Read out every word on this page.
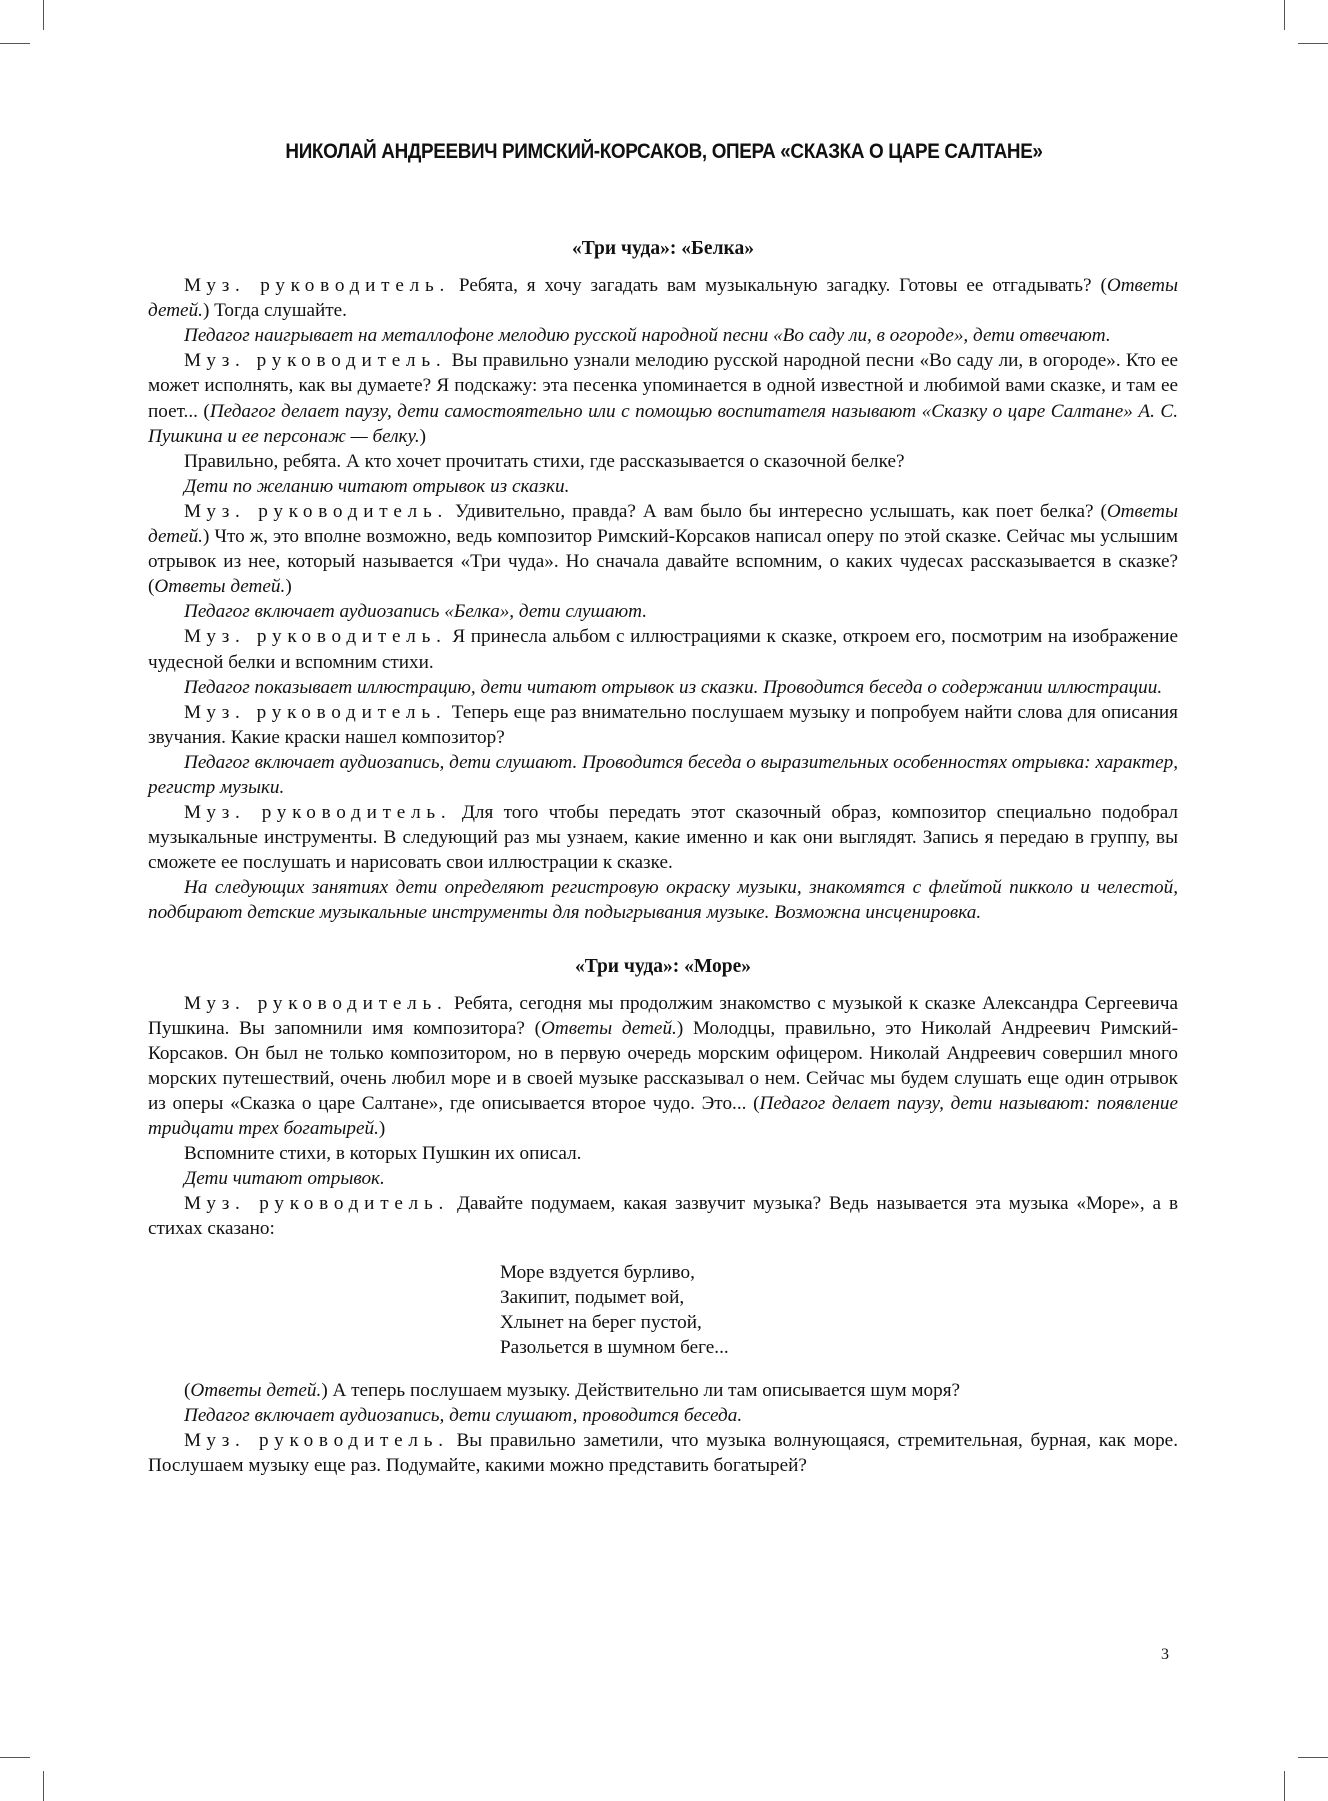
НИКОЛАЙ АНДРЕЕВИЧ РИМСКИЙ-КОРСАКОВ, ОПЕРА «СКАЗКА О ЦАРЕ САЛТАНЕ»
«Три чуда»: «Белка»

Муз. руководитель. Ребята, я хочу загадать вам музыкальную загадку. Готовы ее отгадывать? (Ответы детей.) Тогда слушайте.

Педагог наигрывает на металлофоне мелодию русской народной песни «Во саду ли, в огороде», дети отвечают.

Муз. руководитель. Вы правильно узнали мелодию русской народной песни «Во саду ли, в огороде». Кто ее может исполнять, как вы думаете? Я подскажу: эта песенка упоминается в одной известной и любимой вами сказке, и там ее поет... (Педагог делает паузу, дети самостоятельно или с помощью воспитателя называют «Сказку о царе Салтане» А. С. Пушкина и ее персонаж — белку.)

Правильно, ребята. А кто хочет прочитать стихи, где рассказывается о сказочной белке?

Дети по желанию читают отрывок из сказки.

Муз. руководитель. Удивительно, правда? А вам было бы интересно услышать, как поет белка? (Ответы детей.) Что ж, это вполне возможно, ведь композитор Римский-Корсаков написал оперу по этой сказке. Сейчас мы услышим отрывок из нее, который называется «Три чуда». Но сначала давайте вспомним, о каких чудесах рассказывается в сказке? (Ответы детей.)

Педагог включает аудиозапись «Белка», дети слушают.

Муз. руководитель. Я принесла альбом с иллюстрациями к сказке, откроем его, посмотрим на изображение чудесной белки и вспомним стихи.

Педагог показывает иллюстрацию, дети читают отрывок из сказки. Проводится беседа о содержании иллюстрации.

Муз. руководитель. Теперь еще раз внимательно послушаем музыку и попробуем найти слова для описания звучания. Какие краски нашел композитор?

Педагог включает аудиозапись, дети слушают. Проводится беседа о выразительных особенностях отрывка: характер, регистр музыки.

Муз. руководитель. Для того чтобы передать этот сказочный образ, композитор специально подобрал музыкальные инструменты. В следующий раз мы узнаем, какие именно и как они выглядят. Запись я передаю в группу, вы сможете ее послушать и нарисовать свои иллюстрации к сказке.

На следующих занятиях дети определяют регистровую окраску музыки, знакомятся с флейтой пикколо и челестой, подбирают детские музыкальные инструменты для подыгрывания музыке. Возможна инсценировка.

«Три чуда»: «Море»

Муз. руководитель. Ребята, сегодня мы продолжим знакомство с музыкой к сказке Александра Сергеевича Пушкина. Вы запомнили имя композитора? (Ответы детей.) Молодцы, правильно, это Николай Андреевич Римский-Корсаков. Он был не только композитором, но в первую очередь морским офицером. Николай Андреевич совершил много морских путешествий, очень любил море и в своей музыке рассказывал о нем. Сейчас мы будем слушать еще один отрывок из оперы «Сказка о царе Салтане», где описывается второе чудо. Это... (Педагог делает паузу, дети называют: появление тридцати трех богатырей.)

Вспомните стихи, в которых Пушкин их описал.

Дети читают отрывок.

Муз. руководитель. Давайте подумаем, какая зазвучит музыка? Ведь называется эта музыка «Море», а в стихах сказано:

Море вздуется бурливо,
Закипит, подымет вой,
Хлынет на берег пустой,
Разольется в шумном беге...

(Ответы детей.) А теперь послушаем музыку. Действительно ли там описывается шум моря?

Педагог включает аудиозапись, дети слушают, проводится беседа.

Муз. руководитель. Вы правильно заметили, что музыка волнующаяся, стремительная, бурная, как море. Послушаем музыку еще раз. Подумайте, какими можно представить богатырей?

3
